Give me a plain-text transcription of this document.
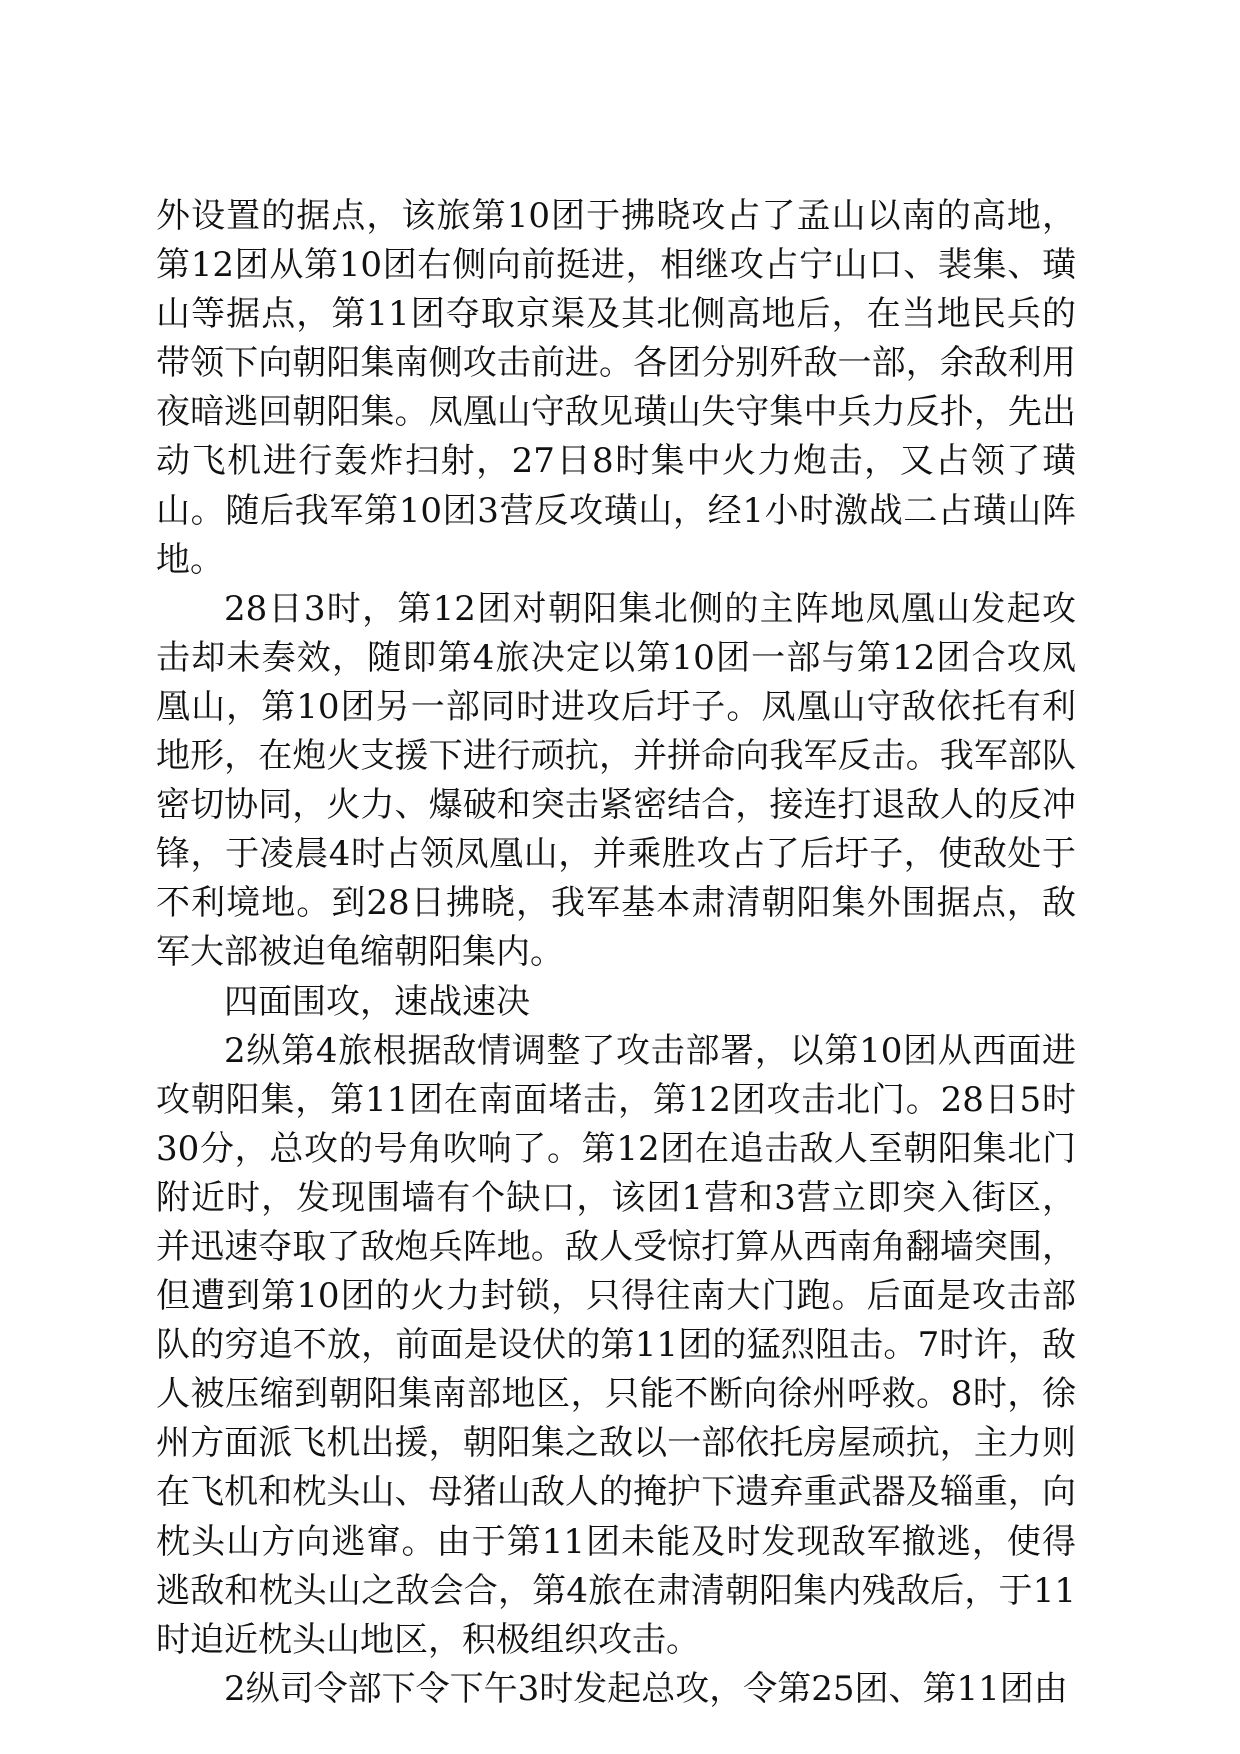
外设置的据点，该旅第10团于拂晓攻占了孟山以南的高地，第12团从第10团右侧向前挺进，相继攻占宁山口、裴集、璜山等据点，第11团夺取京渠及其北侧高地后，在当地民兵的带领下向朝阳集南侧攻击前进。各团分别歼敌一部，余敌利用夜暗逃回朝阳集。凤凰山守敌见璜山失守集中兵力反扑，先出动飞机进行轰炸扫射，27日8时集中火力炮击，又占领了璜山。随后我军第10团3营反攻璜山，经1小时激战二占璜山阵地。

28日3时，第12团对朝阳集北侧的主阵地凤凰山发起攻击却未奏效，随即第4旅决定以第10团一部与第12团合攻凤凰山，第10团另一部同时进攻后圩子。凤凰山守敌依托有利地形，在炮火支援下进行顽抗，并拼命向我军反击。我军部队密切协同，火力、爆破和突击紧密结合，接连打退敌人的反冲锋，于凌晨4时占领凤凰山，并乘胜攻占了后圩子，使敌处于不利境地。到28日拂晓，我军基本肃清朝阳集外围据点，敌军大部被迫龟缩朝阳集内。

四面围攻，速战速决

2纵第4旅根据敌情调整了攻击部署，以第10团从西面进攻朝阳集，第11团在南面堵击，第12团攻击北门。28日5时30分，总攻的号角吹响了。第12团在追击敌人至朝阳集北门附近时，发现围墙有个缺口，该团1营和3营立即突入街区，并迅速夺取了敌炮兵阵地。敌人受惊打算从西南角翻墙突围，但遭到第10团的火力封锁，只得往南大门跑。后面是攻击部队的穷追不放，前面是设伏的第11团的猛烈阻击。7时许，敌人被压缩到朝阳集南部地区，只能不断向徐州呼救。8时，徐州方面派飞机出援，朝阳集之敌以一部依托房屋顽抗，主力则在飞机和枕头山、母猪山敌人的掩护下遗弃重武器及辎重，向枕头山方向逃窜。由于第11团未能及时发现敌军撤逃，使得逃敌和枕头山之敌会合，第4旅在肃清朝阳集内残敌后，于11时迫近枕头山地区，积极组织攻击。

2纵司令部下令下午3时发起总攻，令第25团、第11团由
